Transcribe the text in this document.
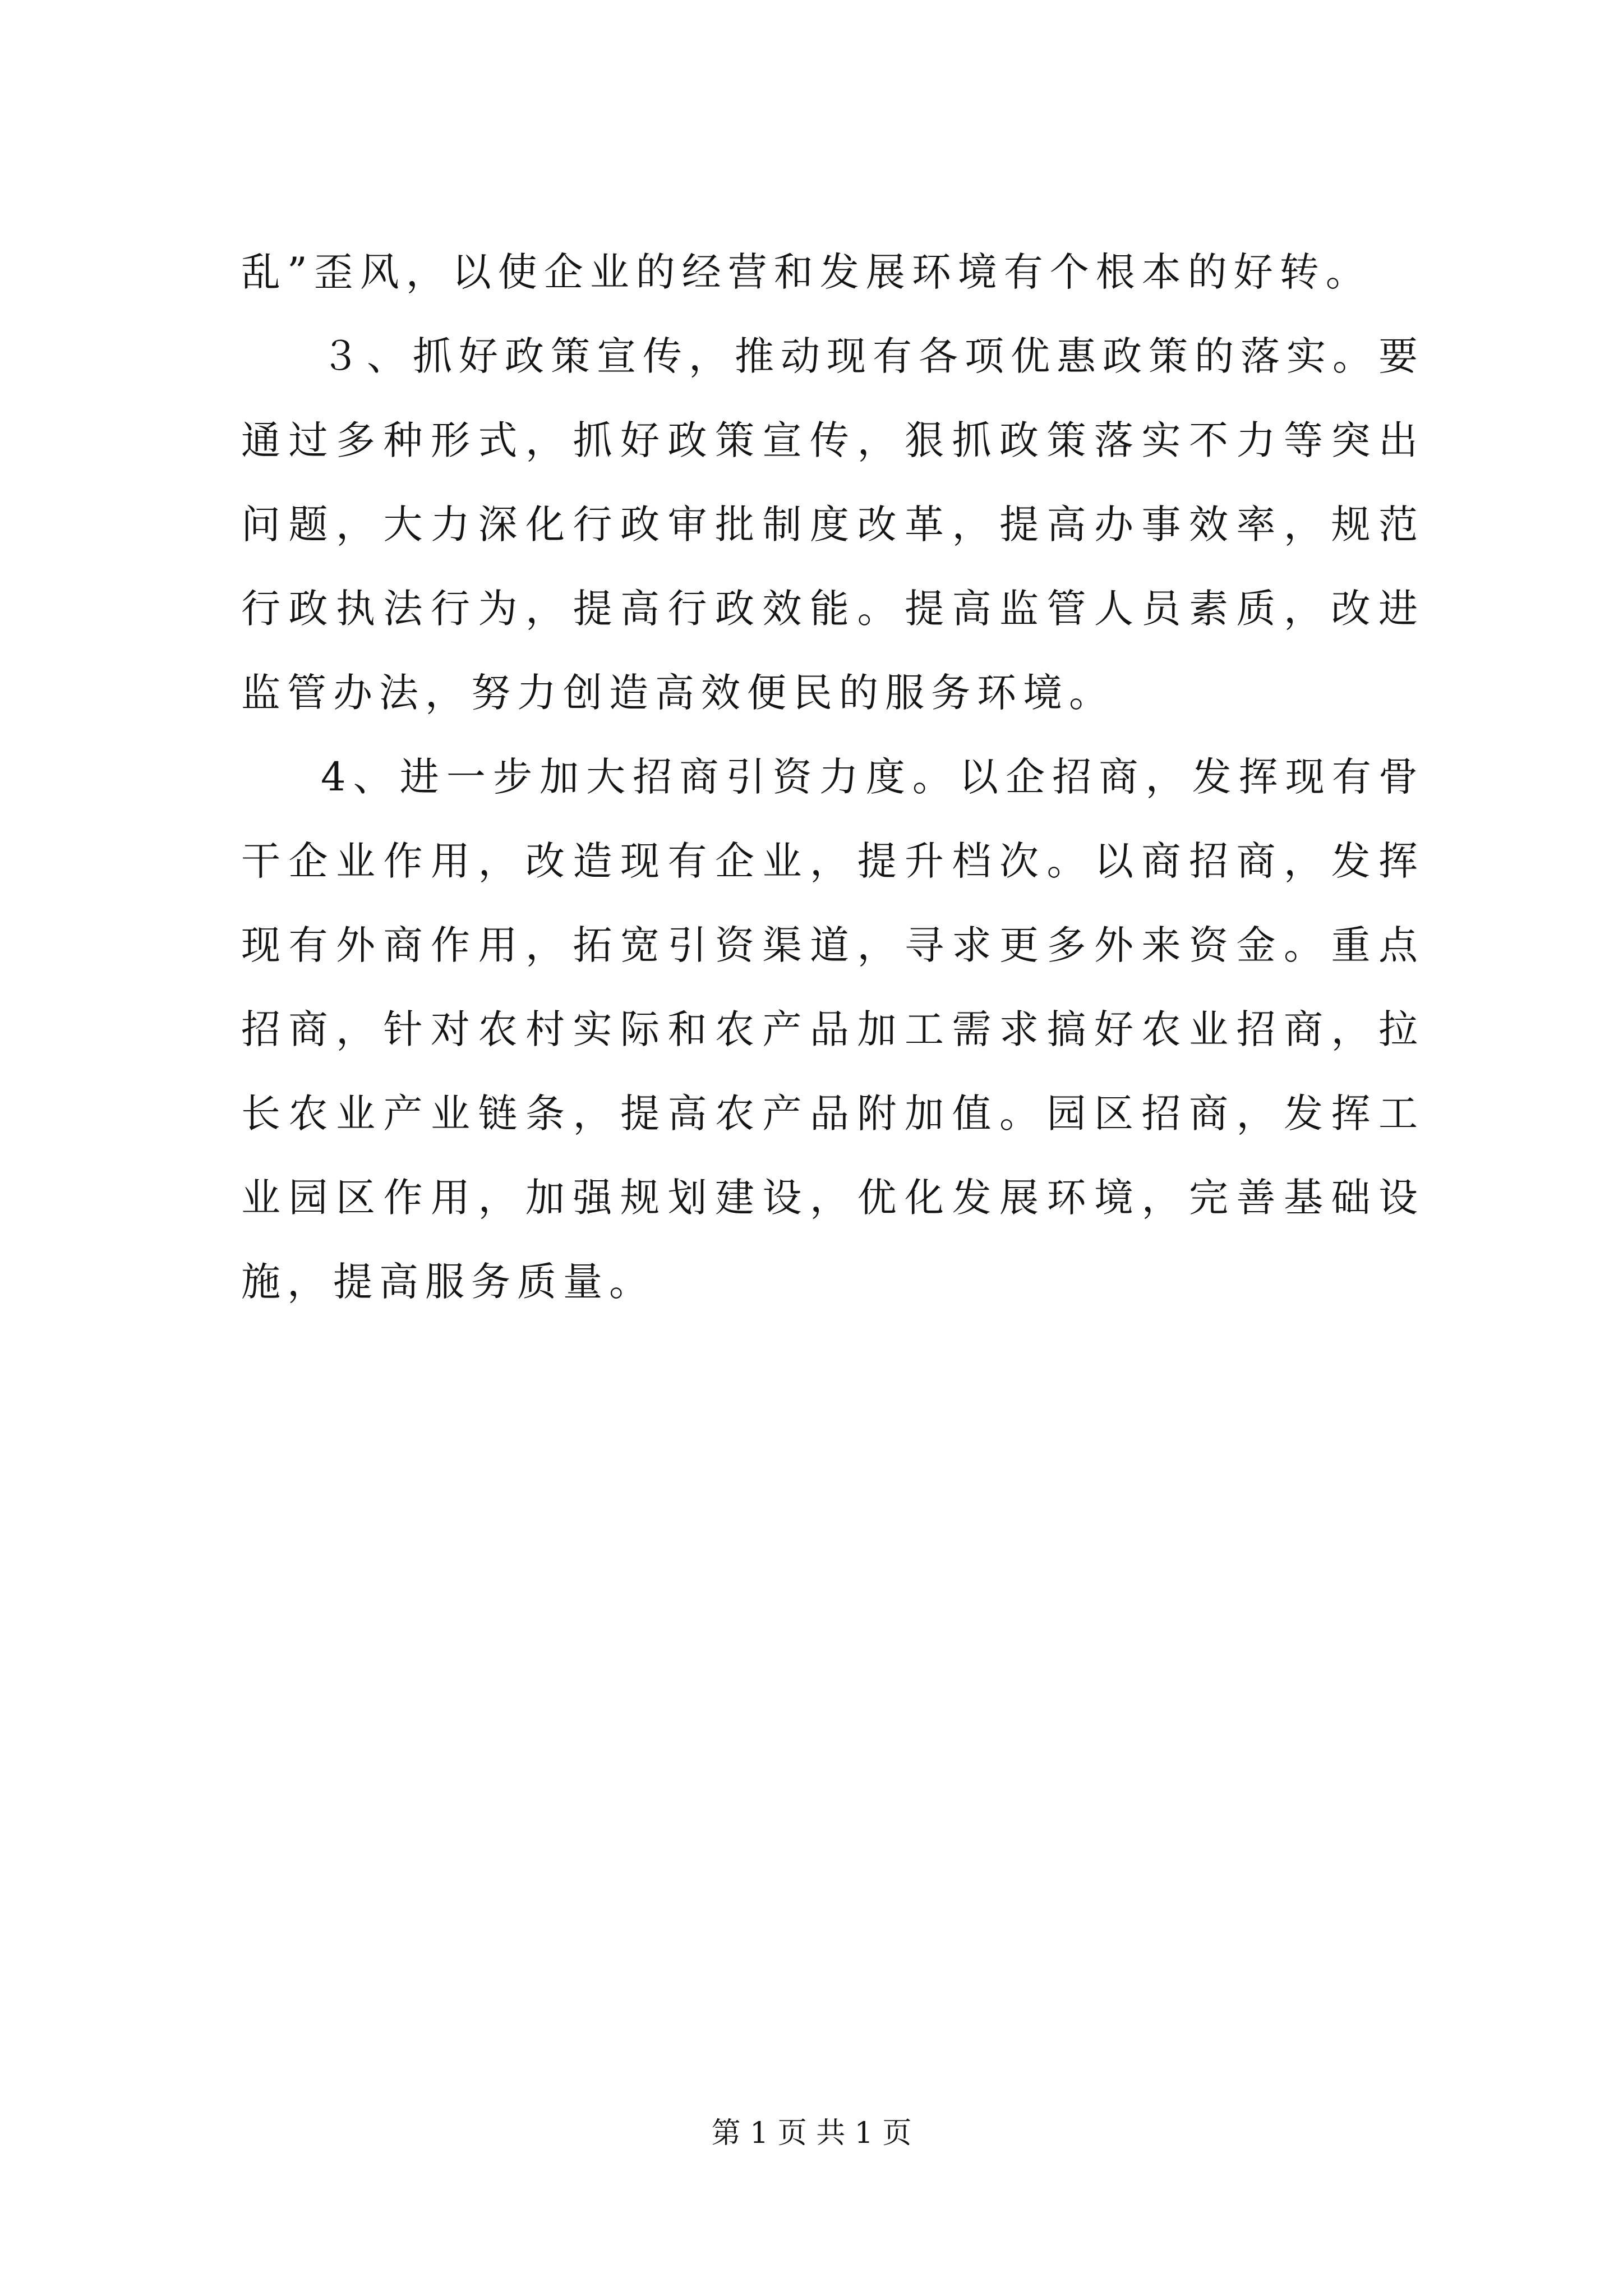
乱”歪风，以使企业的经营和发展环境有个根本的好转。

３、抓好政策宣传，推动现有各项优惠政策的落实。要通过多种形式，抓好政策宣传，狠抓政策落实不力等突出问题，大力深化行政审批制度改革，提高办事效率，规范行政执法行为，提高行政效能。提高监管人员素质，改进监管办法，努力创造高效便民的服务环境。

4、进一步加大招商引资力度。以企招商，发挥现有骨干企业作用，改造现有企业，提升档次。以商招商，发挥现有外商作用，拓宽引资渠道，寻求更多外来资金。重点招商，针对农村实际和农产品加工需求搞好农业招商，拉长农业产业链条，提高农产品附加值。园区招商，发挥工业园区作用，加强规划建设，优化发展环境，完善基础设施，提高服务质量。

第 1 页 共 1 页
